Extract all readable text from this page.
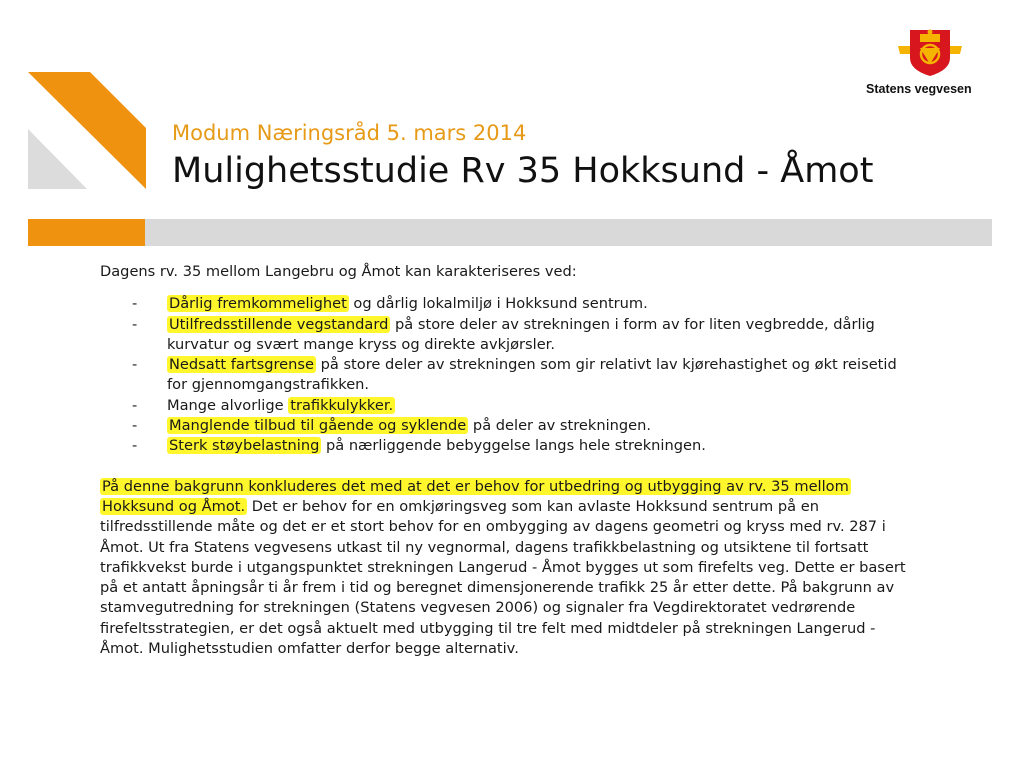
Statens vegvesen
Modum Næringsråd 5. mars 2014
Mulighetsstudie Rv 35 Hokksund - Åmot

Dagens rv. 35 mellom Langebru og Åmot kan karakteriseres ved:

- Dårlig fremkommelighet og dårlig lokalmiljø i Hokksund sentrum.
- Utilfredsstillende vegstandard på store deler av strekningen i form av for liten vegbredde, dårlig kurvatur og svært mange kryss og direkte avkjørsler.
- Nedsatt fartsgrense på store deler av strekningen som gir relativt lav kjørehastighet og økt reisetid for gjennomgangstrafikken.
- Mange alvorlige trafikkulykker.
- Manglende tilbud til gående og syklende på deler av strekningen.
- Sterk støybelastning på nærliggende bebyggelse langs hele strekningen.

På denne bakgrunn konkluderes det med at det er behov for utbedring og utbygging av rv. 35 mellom Hokksund og Åmot. Det er behov for en omkjøringsveg som kan avlaste Hokksund sentrum på en tilfredsstillende måte og det er et stort behov for en ombygging av dagens geometri og kryss med rv. 287 i Åmot. Ut fra Statens vegvesens utkast til ny vegnormal, dagens trafikkbelastning og utsiktene til fortsatt trafikkvekst burde i utgangspunktet strekningen Langerud - Åmot bygges ut som firefelts veg. Dette er basert på et antatt åpningsår ti år frem i tid og beregnet dimensjonerende trafikk 25 år etter dette. På bakgrunn av stamvegutredning for strekningen (Statens vegvesen 2006) og signaler fra Vegdirektoratet vedrørende firefeltsstrategien, er det også aktuelt med utbygging til tre felt med midtdeler på strekningen Langerud - Åmot. Mulighetsstudien omfatter derfor begge alternativ.
